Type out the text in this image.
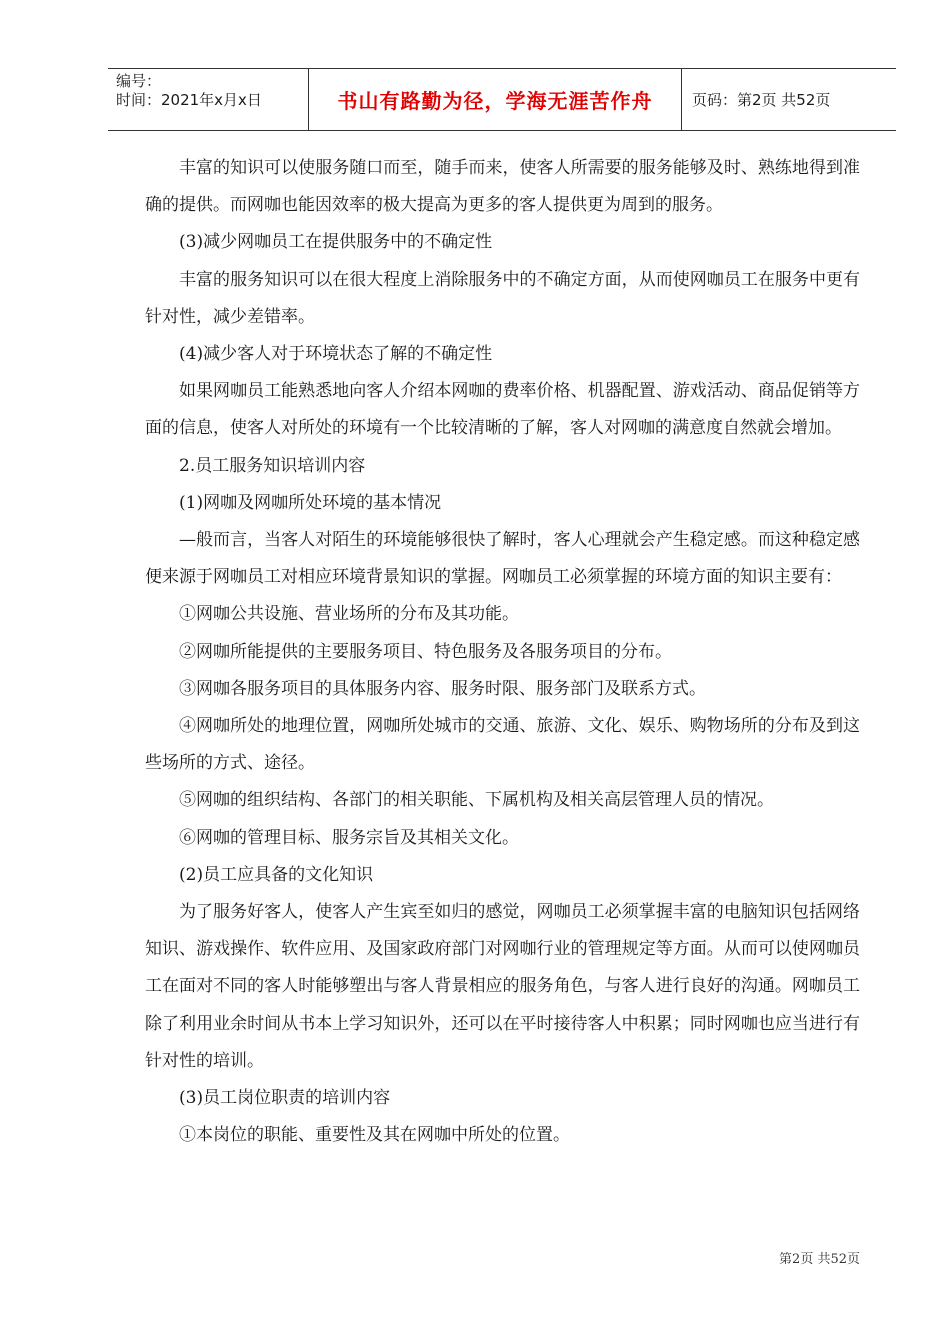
编号：
时间：2021年x月x日	书山有路勤为径，学海无涯苦作舟	页码：第2页 共52页

丰富的知识可以使服务随口而至，随手而来，使客人所需要的服务能够及时、熟练地得到准确的提供。而网咖也能因效率的极大提高为更多的客人提供更为周到的服务。

(3)减少网咖员工在提供服务中的不确定性

丰富的服务知识可以在很大程度上消除服务中的不确定方面，从而使网咖员工在服务中更有针对性，减少差错率。

(4)减少客人对于环境状态了解的不确定性

如果网咖员工能熟悉地向客人介绍本网咖的费率价格、机器配置、游戏活动、商品促销等方面的信息，使客人对所处的环境有一个比较清晰的了解，客人对网咖的满意度自然就会增加。

2.员工服务知识培训内容

(1)网咖及网咖所处环境的基本情况

—般而言，当客人对陌生的环境能够很快了解时，客人心理就会产生稳定感。而这种稳定感便来源于网咖员工对相应环境背景知识的掌握。网咖员工必须掌握的环境方面的知识主要有：

①网咖公共设施、营业场所的分布及其功能。

②网咖所能提供的主要服务项目、特色服务及各服务项目的分布。

③网咖各服务项目的具体服务内容、服务时限、服务部门及联系方式。

④网咖所处的地理位置，网咖所处城市的交通、旅游、文化、娱乐、购物场所的分布及到这些场所的方式、途径。

⑤网咖的组织结构、各部门的相关职能、下属机构及相关高层管理人员的情况。

⑥网咖的管理目标、服务宗旨及其相关文化。

(2)员工应具备的文化知识

为了服务好客人，使客人产生宾至如归的感觉，网咖员工必须掌握丰富的电脑知识包括网络知识、游戏操作、软件应用、及国家政府部门对网咖行业的管理规定等方面。从而可以使网咖员工在面对不同的客人时能够塑出与客人背景相应的服务角色，与客人进行良好的沟通。网咖员工除了利用业余时间从书本上学习知识外，还可以在平时接待客人中积累；同时网咖也应当进行有针对性的培训。

(3)员工岗位职责的培训内容

①本岗位的职能、重要性及其在网咖中所处的位置。

第2页 共52页
